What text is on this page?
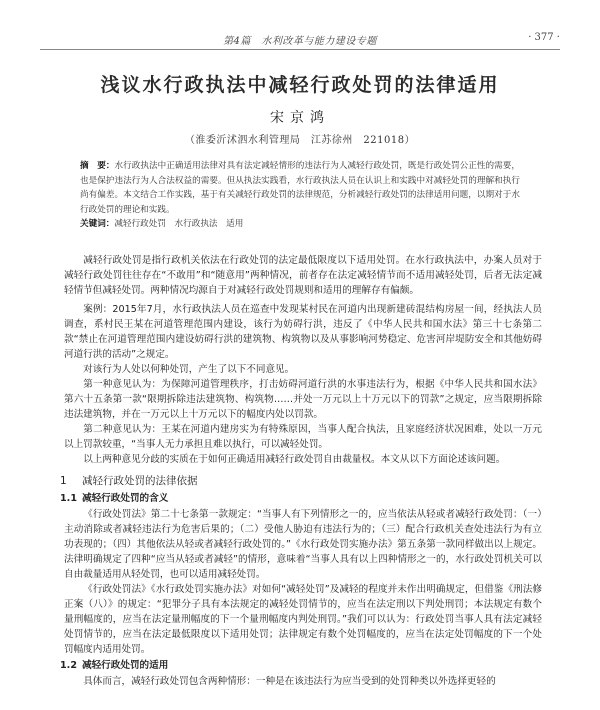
第4篇　水利改革与能力建设专题	· 377 ·
浅议水行政执法中减轻行政处罚的法律适用
宋京鸿
（淮委沂沭泗水利管理局　江苏徐州　221018）
摘　要：水行政执法中正确适用法律对具有法定减轻情形的违法行为人减轻行政处罚，既是行政处罚公正性的需要，也是保护违法行为人合法权益的需要。但从执法实践看，水行政执法人员在认识上和实践中对减轻处罚的理解和执行尚有偏差。本文结合工作实践，基于有关减轻行政处罚的法律规范，分析减轻行政处罚的法律适用问题，以期对于水行政处罚的理论和实践。
关键词：减轻行政处罚　水行政执法　适用

减轻行政处罚是指行政机关依法在行政处罚的法定最低限度以下适用处罚。在水行政执法中，办案人员对于减轻行政处罚往往存在“不敢用”和“随意用”两种情况，前者存在法定减轻情节而不适用减轻处罚，后者无法定减轻情节但减轻处罚。两种情况均源自于对减轻行政处罚规则和适用的理解存有偏颇。

案例：2015年7月，水行政执法人员在巡查中发现某村民在河道内出现新建砖混结构房屋一间，经执法人员调查，系村民王某在河道管理范围内建设，该行为妨碍行洪，违反了《中华人民共和国水法》第三十七条第二款“禁止在河道管理范围内建设妨碍行洪的建筑物、构筑物以及从事影响河势稳定、危害河岸堤防安全和其他妨碍河道行洪的活动”之规定。

对该行为人处以何种处罚，产生了以下不同意见。

第一种意见认为：为保障河道管理秩序，打击妨碍河道行洪的水事违法行为，根据《中华人民共和国水法》第六十五条第一款“限期拆除违法建筑物、构筑物……并处一万元以上十万元以下的罚款”之规定，应当限期拆除违法建筑物，并在一万元以上十万元以下的幅度内处以罚款。

第二种意见认为：王某在河道内建房实为有特殊原因，当事人配合执法，且家庭经济状况困难，处以一万元以上罚款较重，“当事人无力承担且难以执行，可以减轻处罚。

以上两种意见分歧的实质在于如何正确适用减轻行政处罚自由裁量权。本文从以下方面论述该问题。

1 减轻行政处罚的法律依据
1.1 减轻行政处罚的含义

《行政处罚法》第二十七条第一款规定：“当事人有下列情形之一的，应当依法从轻或者减轻行政处罚：（一）主动消除或者减轻违法行为危害后果的；（二）受他人胁迫有违法行为的；（三）配合行政机关查处违法行为有立功表现的；（四）其他依法从轻或者减轻行政处罚的。”《水行政处罚实施办法》第五条第一款同样做出以上规定。法律明确规定了四种“应当从轻或者减轻”的情形，意味着“当事人具有以上四种情形之一的，水行政处罚机关可以自由裁量适用从轻处罚，也可以适用减轻处罚。

《行政处罚法》《水行政处罚实施办法》对如何“减轻处罚”及减轻的程度并未作出明确规定，但借鉴《刑法修正案（八）》的规定：“犯罪分子具有本法规定的减轻处罚情节的，应当在法定刑以下判处刑罚；本法规定有数个量刑幅度的，应当在法定量刑幅度的下一个量刑幅度内判处刑罚。”我们可以认为：行政处罚当事人具有法定减轻处罚情节的，应当在法定最低限度以下适用处罚；法律规定有数个处罚幅度的，应当在法定处罚幅度的下一个处罚幅度内适用处罚。

1.2 减轻行政处罚的适用

具体而言，减轻行政处罚包含两种情形：一种是在该违法行为应当受到的处罚种类以外选择更轻的
